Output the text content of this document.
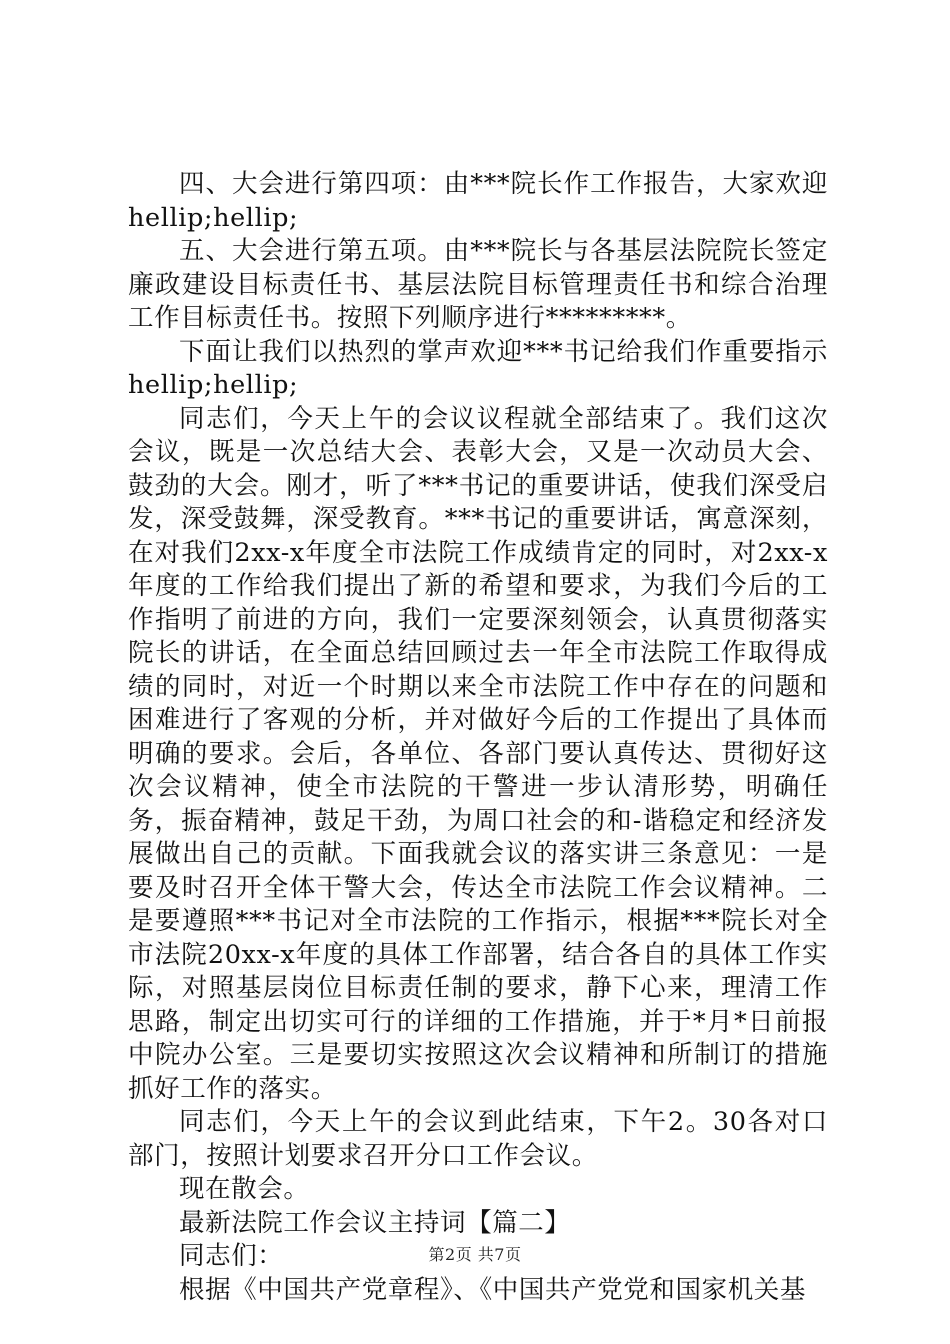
四、大会进行第四项：由***院长作工作报告，大家欢迎hellip;hellip;

五、大会进行第五项。由***院长与各基层法院院长签定廉政建设目标责任书、基层法院目标管理责任书和综合治理工作目标责任书。按照下列顺序进行*********。

下面让我们以热烈的掌声欢迎***书记给我们作重要指示hellip;hellip;

同志们，今天上午的会议议程就全部结束了。我们这次会议，既是一次总结大会、表彰大会，又是一次动员大会、鼓劲的大会。刚才，听了***书记的重要讲话，使我们深受启发，深受鼓舞，深受教育。***书记的重要讲话，寓意深刻，在对我们2xx-x年度全市法院工作成绩肯定的同时，对2xx-x年度的工作给我们提出了新的希望和要求，为我们今后的工作指明了前进的方向，我们一定要深刻领会，认真贯彻落实院长的讲话，在全面总结回顾过去一年全市法院工作取得成绩的同时，对近一个时期以来全市法院工作中存在的问题和困难进行了客观的分析，并对做好今后的工作提出了具体而明确的要求。会后，各单位、各部门要认真传达、贯彻好这次会议精神，使全市法院的干警进一步认清形势，明确任务，振奋精神，鼓足干劲，为周口社会的和-谐稳定和经济发展做出自己的贡献。下面我就会议的落实讲三条意见：一是要及时召开全体干警大会，传达全市法院工作会议精神。二是要遵照***书记对全市法院的工作指示，根据***院长对全市法院20xx-x年度的具体工作部署，结合各自的具体工作实际，对照基层岗位目标责任制的要求，静下心来，理清工作思路，制定出切实可行的详细的工作措施，并于*月*日前报中院办公室。三是要切实按照这次会议精神和所制订的措施抓好工作的落实。

同志们，今天上午的会议到此结束，下午2。30各对口部门，按照计划要求召开分口工作会议。

现在散会。

最新法院工作会议主持词【篇二】

同志们：

根据《中国共产党章程》、《中国共产党党和国家机关基

第2页 共7页
